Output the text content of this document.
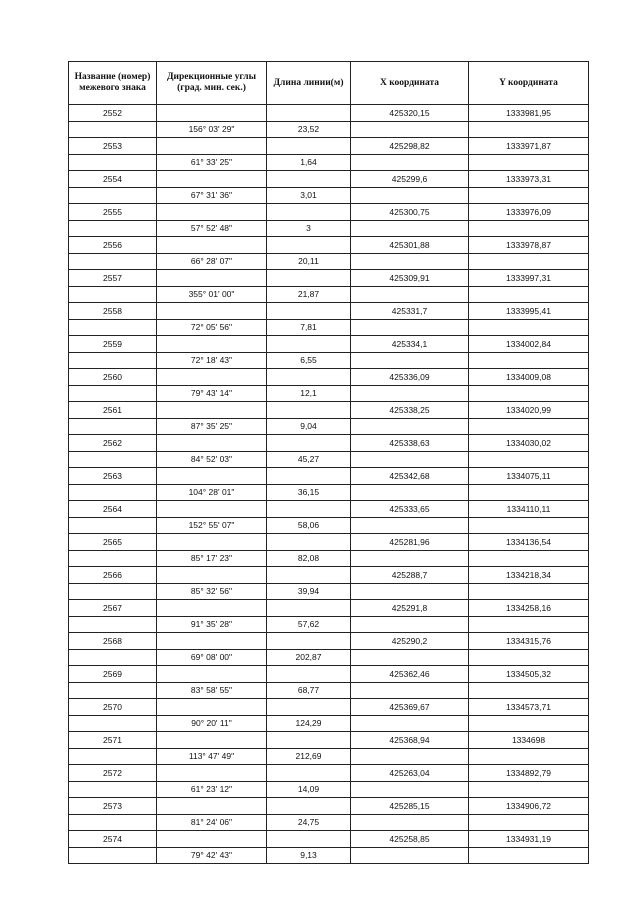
Название (номер) межевого знака	Дирекционные углы (град. мин. сек.)	Длина линии(м)	Х координата	Y координата
2552			425320,15	1333981,95
	156° 03' 29"	23,52		
2553			425298,82	1333971,87
	61° 33' 25"	1,64		
2554			425299,6	1333973,31
	67° 31' 36"	3,01		
2555			425300,75	1333976,09
	57° 52' 48"	3		
2556			425301,88	1333978,87
	66° 28' 07"	20,11		
2557			425309,91	1333997,31
	355° 01' 00"	21,87		
2558			425331,7	1333995,41
	72° 05' 56"	7,81		
2559			425334,1	1334002,84
	72° 18' 43"	6,55		
2560			425336,09	1334009,08
	79° 43' 14"	12,1		
2561			425338,25	1334020,99
	87° 35' 25"	9,04		
2562			425338,63	1334030,02
	84° 52' 03"	45,27		
2563			425342,68	1334075,11
	104° 28' 01"	36,15		
2564			425333,65	1334110,11
	152° 55' 07"	58,06		
2565			425281,96	1334136,54
	85° 17' 23"	82,08		
2566			425288,7	1334218,34
	85° 32' 56"	39,94		
2567			425291,8	1334258,16
	91° 35' 28"	57,62		
2568			425290,2	1334315,76
	69° 08' 00"	202,87		
2569			425362,46	1334505,32
	83° 58' 55"	68,77		
2570			425369,67	1334573,71
	90° 20' 11"	124,29		
2571			425368,94	1334698
	113° 47' 49"	212,69		
2572			425263,04	1334892,79
	61° 23' 12"	14,09		
2573			425285,15	1334906,72
	81° 24' 06"	24,75		
2574			425258,85	1334931,19
	79° 42' 43"	9,13		
